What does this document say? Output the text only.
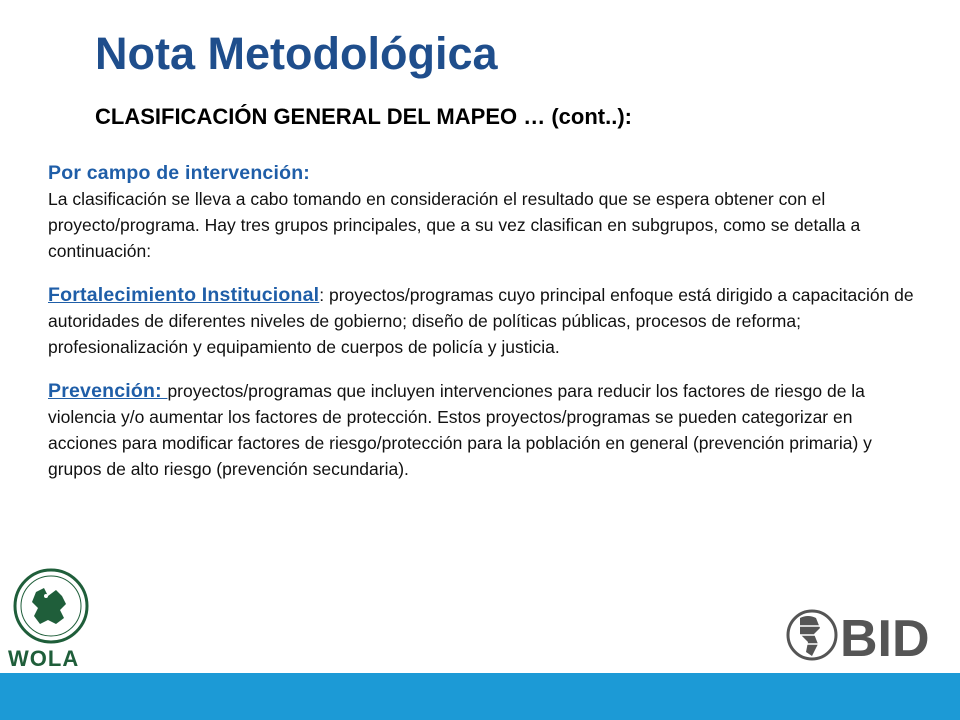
Nota Metodológica
CLASIFICACIÓN GENERAL DEL MAPEO … (cont..):
Por campo de intervención:

La clasificación se lleva a cabo tomando en consideración el resultado que se espera obtener con el proyecto/programa. Hay tres grupos principales, que a su vez clasifican en subgrupos, como se detalla a continuación:

Fortalecimiento Institucional: proyectos/programas cuyo principal enfoque está dirigido a capacitación de autoridades de diferentes niveles de gobierno; diseño de políticas públicas, procesos de reforma; profesionalización y equipamiento de cuerpos de policía y justicia.

Prevención: proyectos/programas que incluyen intervenciones para reducir los factores de riesgo de la violencia y/o aumentar los factores de protección. Estos proyectos/programas se pueden categorizar en acciones para modificar factores de riesgo/protección para la población en general (prevención primaria) y grupos de alto riesgo (prevención secundaria).

WOLA	BID
